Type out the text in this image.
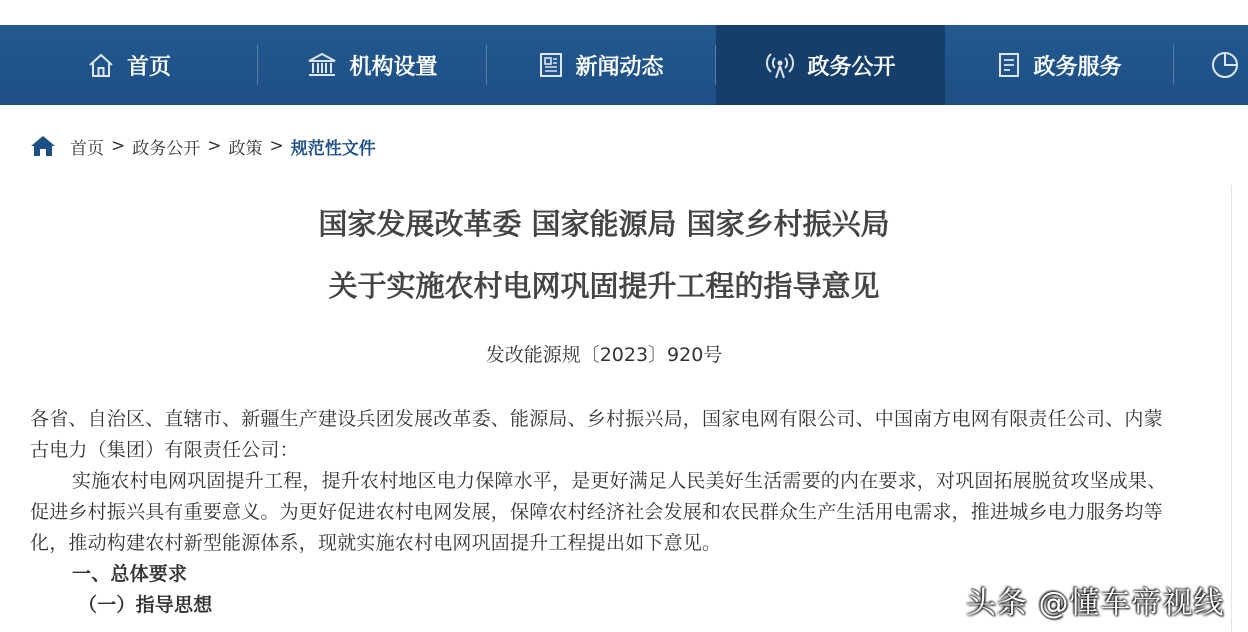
首页	机构设置	新闻动态	政务公开	政务服务
首页 > 政务公开 > 政策 > 规范性文件
国家发展改革委 国家能源局 国家乡村振兴局
关于实施农村电网巩固提升工程的指导意见
发改能源规〔2023〕920号

各省、自治区、直辖市、新疆生产建设兵团发展改革委、能源局、乡村振兴局，国家电网有限公司、中国南方电网有限责任公司、内蒙古电力（集团）有限责任公司：

实施农村电网巩固提升工程，提升农村地区电力保障水平，是更好满足人民美好生活需要的内在要求，对巩固拓展脱贫攻坚成果、促进乡村振兴具有重要意义。为更好促进农村电网发展，保障农村经济社会发展和农民群众生产生活用电需求，推进城乡电力服务均等化，推动构建农村新型能源体系，现就实施农村电网巩固提升工程提出如下意见。

一、总体要求

（一）指导思想	头条 @懂车帝视线
